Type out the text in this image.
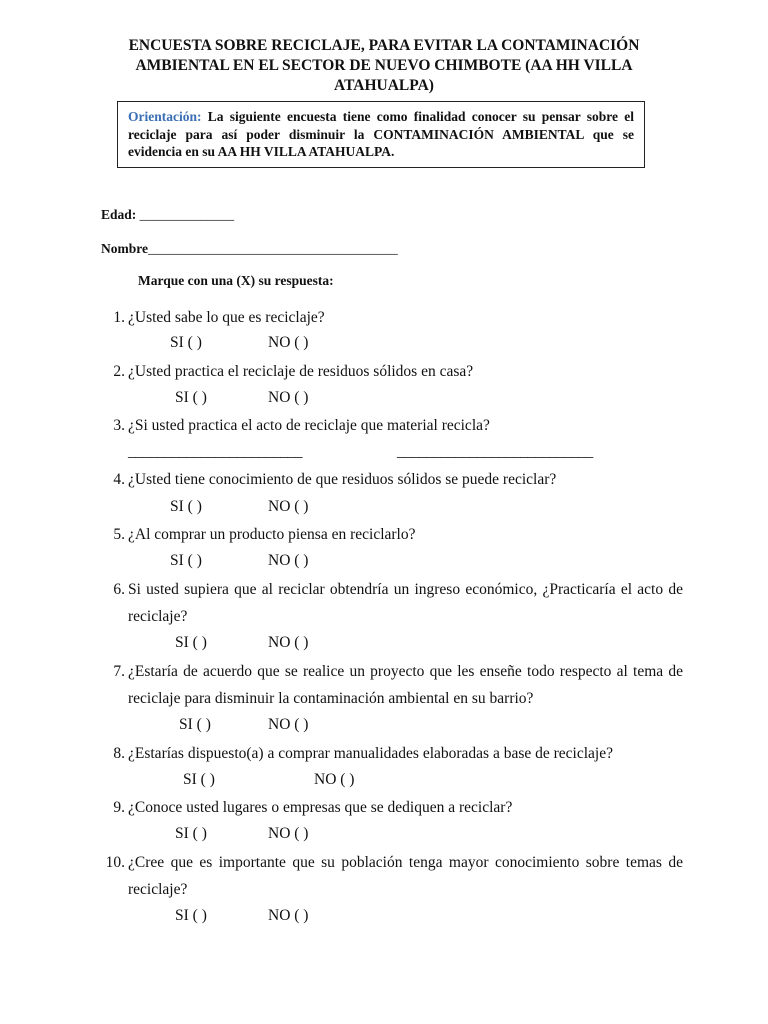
ENCUESTA SOBRE RECICLAJE, PARA EVITAR LA CONTAMINACIÓN
AMBIENTAL EN EL SECTOR DE NUEVO CHIMBOTE (AA HH VILLA
ATAHUALPA)
Orientación: La siguiente encuesta tiene como finalidad conocer su pensar sobre el reciclaje para así poder disminuir la CONTAMINACIÓN AMBIENTAL que se evidencia en su AA HH VILLA ATAHUALPA.
Edad: ______________
Nombre_____________________________________
Marque con una (X) su respuesta:
1. ¿Usted sabe lo que es reciclaje?
SI ( )	NO ( )
2. ¿Usted practica el reciclaje de residuos sólidos en casa?
SI ( )	NO ( )
3. ¿Si usted practica el acto de reciclaje que material recicla?
________________________	___________________________
4. ¿Usted tiene conocimiento de que residuos sólidos se puede reciclar?
SI ( )	NO ( )
5. ¿Al comprar un producto piensa en reciclarlo?
SI ( )	NO ( )
6. Si usted supiera que al reciclar obtendría un ingreso económico, ¿Practicaría el acto de reciclaje?
SI ( )	NO ( )
7. ¿Estaría de acuerdo que se realice un proyecto que les enseñe todo respecto al tema de reciclaje para disminuir la contaminación ambiental en su barrio?
SI ( )	NO ( )
8. ¿Estarías dispuesto(a) a comprar manualidades elaboradas a base de reciclaje?
SI ( )	NO ( )
9. ¿Conoce usted lugares o empresas que se dediquen a reciclar?
SI ( )	NO ( )
10. ¿Cree que es importante que su población tenga mayor conocimiento sobre temas de reciclaje?
SI ( )	NO ( )
